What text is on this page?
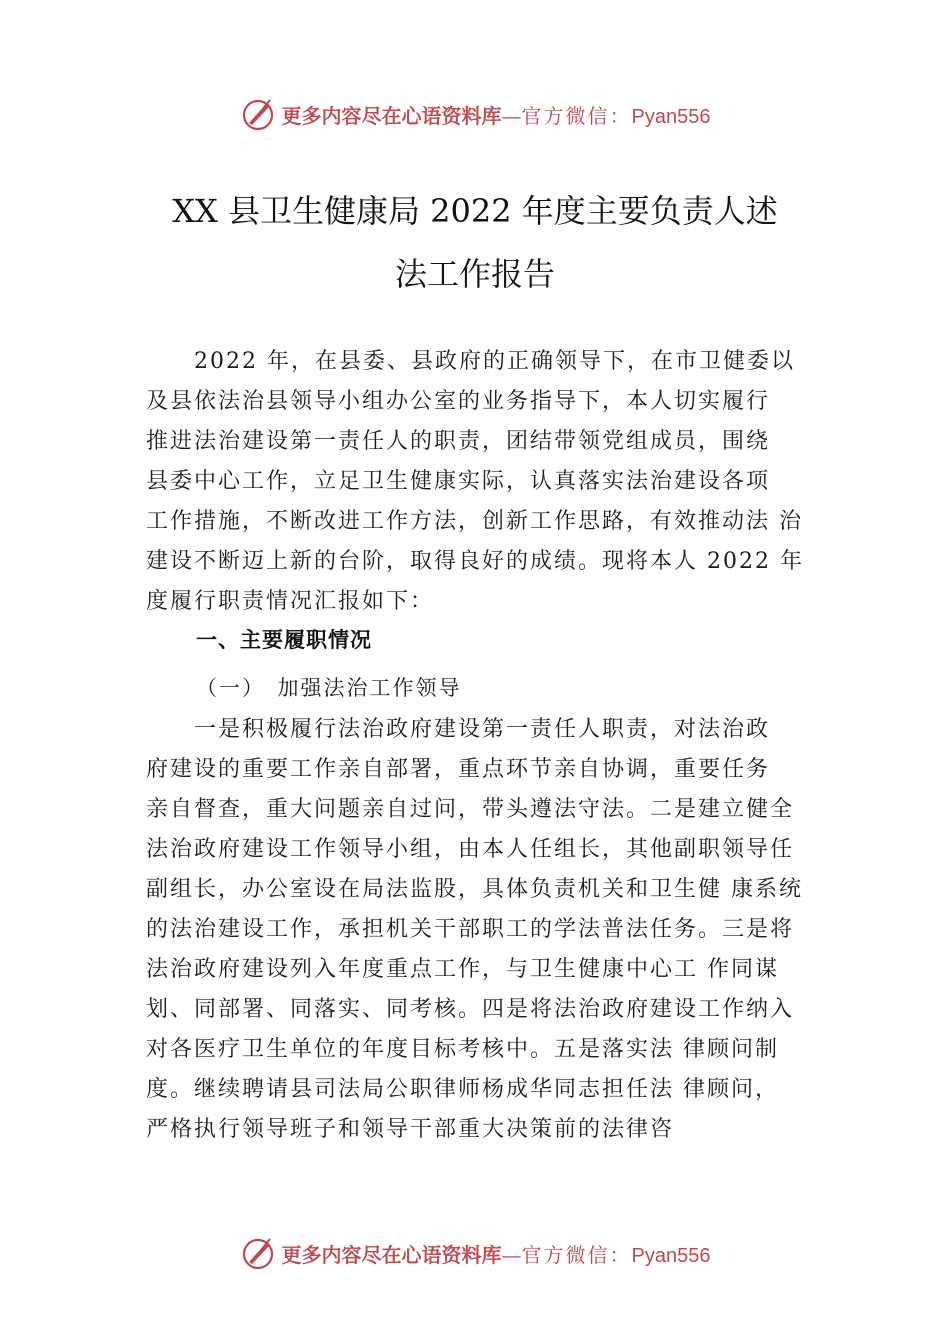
更多内容尽在心语资料库—官方微信：Pyan556
XX 县卫生健康局 2022 年度主要负责人述
法工作报告

　　2022 年，在县委、县政府的正确领导下，在市卫健委以

及县依法治县领导小组办公室的业务指导下，本人切实履行

推进法治建设第一责任人的职责，团结带领党组成员，围绕

县委中心工作，立足卫生健康实际，认真落实法治建设各项

工作措施，不断改进工作方法，创新工作思路，有效推动法 治

建设不断迈上新的台阶，取得良好的成绩。现将本人 2022 年

度履行职责情况汇报如下：

一、主要履职情况
（一）　加强法治工作领导

　　一是积极履行法治政府建设第一责任人职责，对法治政

府建设的重要工作亲自部署，重点环节亲自协调，重要任务

亲自督查，重大问题亲自过问，带头遵法守法。二是建立健全

法治政府建设工作领导小组，由本人任组长，其他副职领导任

副组长，办公室设在局法监股，具体负责机关和卫生健 康系统

的法治建设工作，承担机关干部职工的学法普法任务。三是将

法治政府建设列入年度重点工作，与卫生健康中心工 作同谋

划、同部署、同落实、同考核。四是将法治政府建设工作纳入

对各医疗卫生单位的年度目标考核中。五是落实法 律顾问制

度。继续聘请县司法局公职律师杨成华同志担任法 律顾问，

严格执行领导班子和领导干部重大决策前的法律咨

更多内容尽在心语资料库—官方微信：Pyan556
